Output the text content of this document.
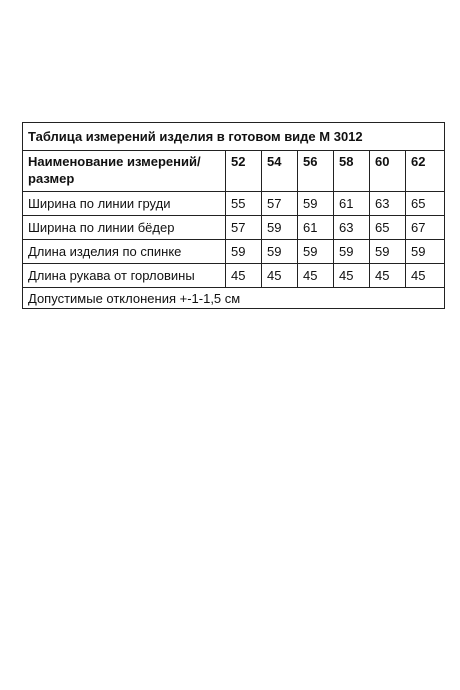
Таблица измерений изделия в готовом виде М 3012						
Наименование измерений/размер	52	54	56	58	60	62
Ширина по линии груди	55	57	59	61	63	65
Ширина по линии бёдер	57	59	61	63	65	67
Длина изделия по спинке	59	59	59	59	59	59
Длина рукава от горловины	45	45	45	45	45	45
Допустимые отклонения +-1-1,5 см						
